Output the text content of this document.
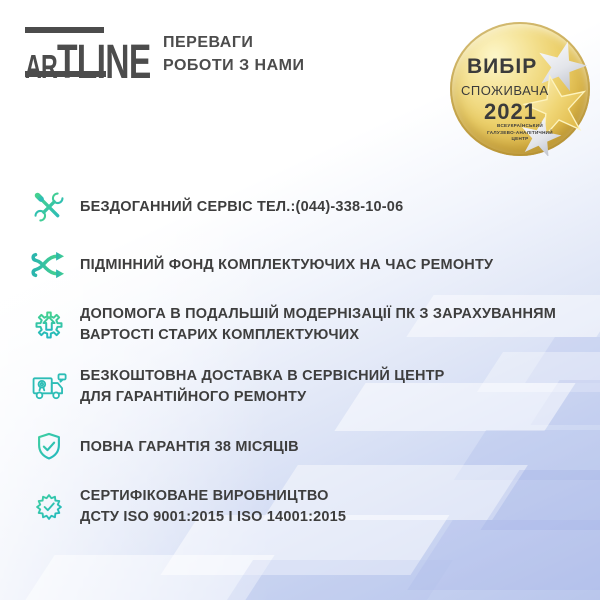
ARTLINE ПЕРЕВАГИ
РОБОТИ З НАМИ	ВИБІР
СПОЖИВАЧА
2021
ВСЕУКРАЇНСЬКИЙ
ГАЛУЗЕВО-АНАЛІТИЧНИЙ
ЦЕНТР
БЕЗДОГАННИЙ СЕРВІС ТЕЛ.:(044)-338-10-06
ПІДМІННИЙ ФОНД КОМПЛЕКТУЮЧИХ НА ЧАС РЕМОНТУ
ДОПОМОГА В ПОДАЛЬШІЙ МОДЕРНІЗАЦІЇ ПК З ЗАРАХУВАННЯМ
ВАРТОСТІ СТАРИХ КОМПЛЕКТУЮЧИХ
БЕЗКОШТОВНА ДОСТАВКА В СЕРВІСНИЙ ЦЕНТР
ДЛЯ ГАРАНТІЙНОГО РЕМОНТУ
ПОВНА ГАРАНТІЯ 38 МІСЯЦІВ
СЕРТИФІКОВАНЕ ВИРОБНИЦТВО
ДСТУ ISO 9001:2015 І ISO 14001:2015
